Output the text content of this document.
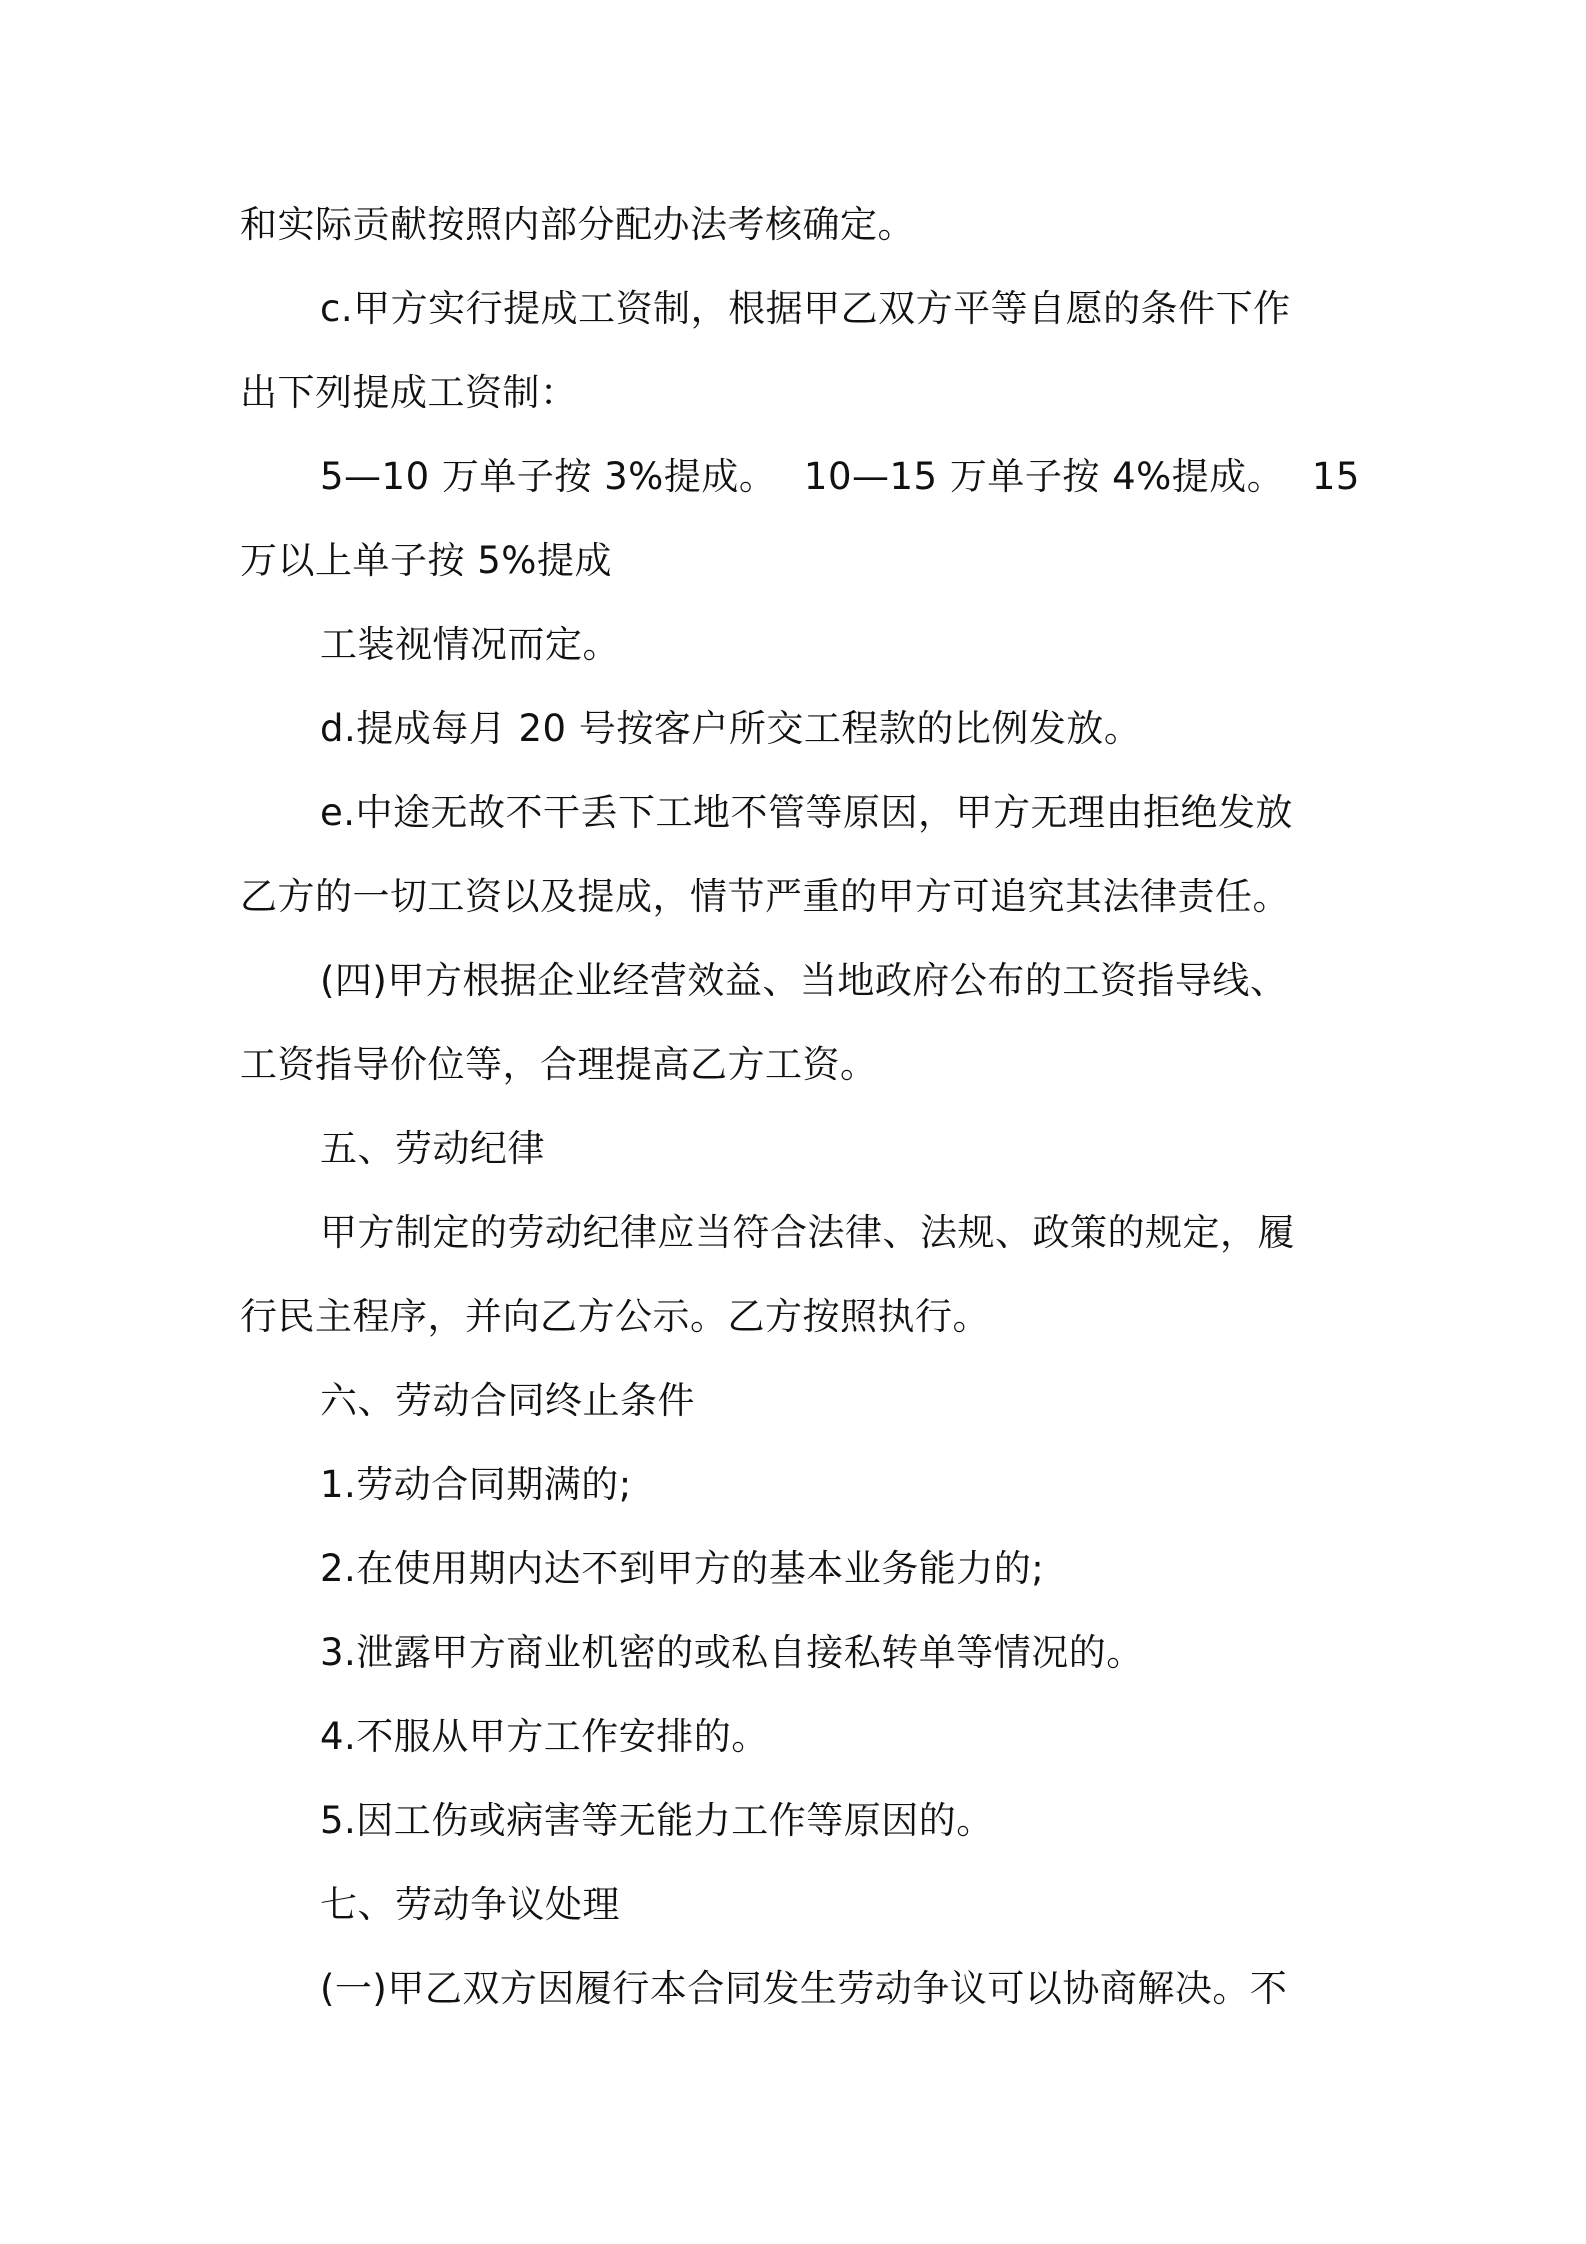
和实际贡献按照内部分配办法考核确定。
c.甲方实行提成工资制，根据甲乙双方平等自愿的条件下作
出下列提成工资制：
5—10 万单子按 3%提成。 10—15 万单子按 4%提成。 15
万以上单子按 5%提成
工装视情况而定。
d.提成每月 20 号按客户所交工程款的比例发放。
e.中途无故不干丢下工地不管等原因，甲方无理由拒绝发放
乙方的一切工资以及提成，情节严重的甲方可追究其法律责任。
(四)甲方根据企业经营效益、当地政府公布的工资指导线、
工资指导价位等，合理提高乙方工资。
五、劳动纪律
甲方制定的劳动纪律应当符合法律、法规、政策的规定，履
行民主程序，并向乙方公示。乙方按照执行。
六、劳动合同终止条件
1.劳动合同期满的;
2.在使用期内达不到甲方的基本业务能力的;
3.泄露甲方商业机密的或私自接私转单等情况的。
4.不服从甲方工作安排的。
5.因工伤或病害等无能力工作等原因的。
七、劳动争议处理
(一)甲乙双方因履行本合同发生劳动争议可以协商解决。不
